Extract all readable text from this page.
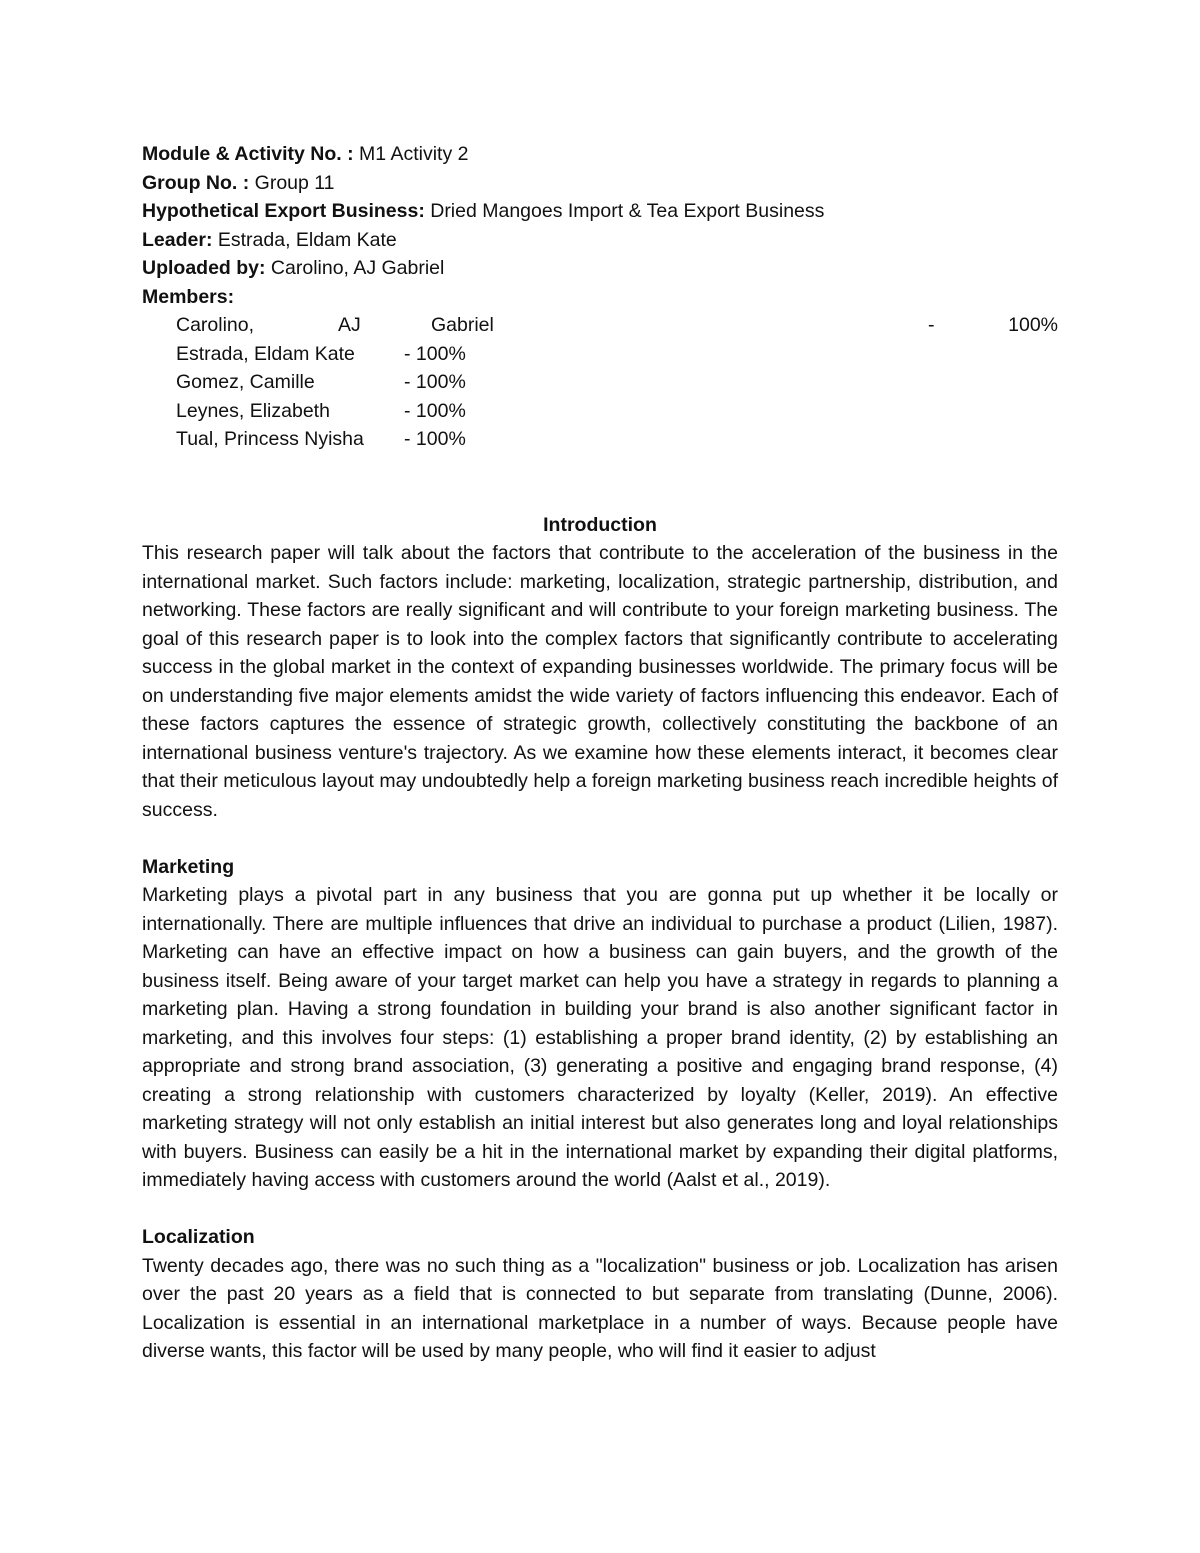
Module & Activity No. : M1 Activity 2
Group No. : Group 11
Hypothetical Export Business: Dried Mangoes Import & Tea Export Business
Leader: Estrada, Eldam Kate
Uploaded by: Carolino, AJ Gabriel
Members:
Carolino,	AJ	Gabriel	-	100%
Estrada, Eldam Kate	- 100%
Gomez, Camille	- 100%
Leynes, Elizabeth	- 100%
Tual, Princess Nyisha - 100%
Introduction

This research paper will talk about the factors that contribute to the acceleration of the business in the international market. Such factors include: marketing, localization, strategic partnership, distribution, and networking. These factors are really significant and will contribute to your foreign marketing business. The goal of this research paper is to look into the complex factors that significantly contribute to accelerating success in the global market in the context of expanding businesses worldwide. The primary focus will be on understanding five major elements amidst the wide variety of factors influencing this endeavor. Each of these factors captures the essence of strategic growth, collectively constituting the backbone of an international business venture's trajectory. As we examine how these elements interact, it becomes clear that their meticulous layout may undoubtedly help a foreign marketing business reach incredible heights of success.

Marketing

Marketing plays a pivotal part in any business that you are gonna put up whether it be locally or internationally. There are multiple influences that drive an individual to purchase a product (Lilien, 1987). Marketing can have an effective impact on how a business can gain buyers, and the growth of the business itself. Being aware of your target market can help you have a strategy in regards to planning a marketing plan. Having a strong foundation in building your brand is also another significant factor in marketing, and this involves four steps: (1) establishing a proper brand identity, (2) by establishing an appropriate and strong brand association, (3) generating a positive and engaging brand response, (4) creating a strong relationship with customers characterized by loyalty (Keller, 2019). An effective marketing strategy will not only establish an initial interest but also generates long and loyal relationships with buyers. Business can easily be a hit in the international market by expanding their digital platforms, immediately having access with customers around the world (Aalst et al., 2019).

Localization

Twenty decades ago, there was no such thing as a "localization" business or job. Localization has arisen over the past 20 years as a field that is connected to but separate from translating (Dunne, 2006). Localization is essential in an international marketplace in a number of ways. Because people have diverse wants, this factor will be used by many people, who will find it easier to adjust
